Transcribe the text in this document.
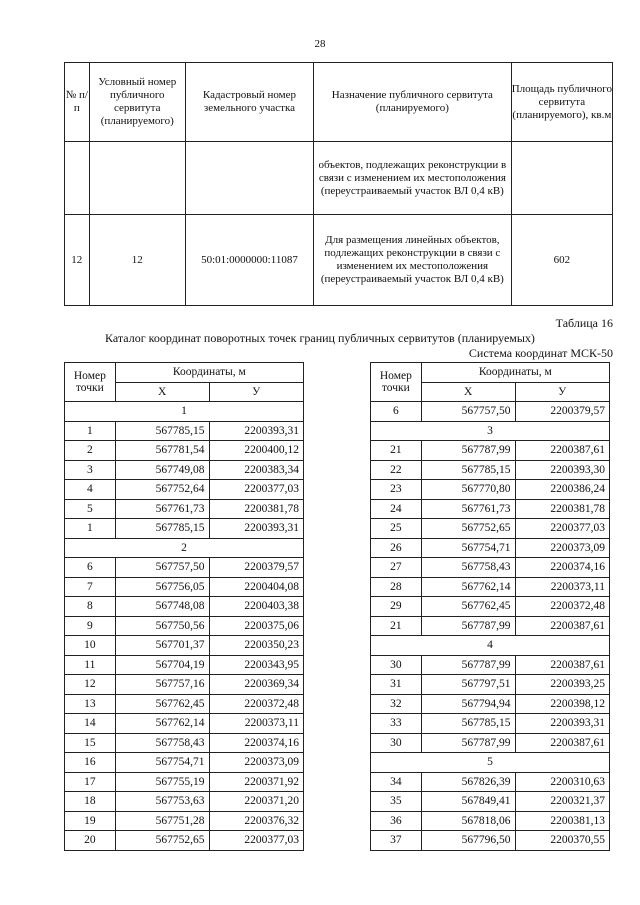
28
№ п/п	Условный номер публичного сервитута (планируемого)	Кадастровый номер земельного участка	Назначение публичного сервитута (планируемого)	Площадь публичного сервитута (планируемого), кв.м
			объектов, подлежащих реконструкции в связи с изменением их местоположения (переустраиваемый участок ВЛ 0,4 кВ)	
12	12	50:01:0000000:11087	Для размещения линейных объектов, подлежащих реконструкции в связи с изменением их местоположения (переустраиваемый участок ВЛ 0,4 кВ)	602
Таблица 16
Каталог координат поворотных точек границ публичных сервитутов (планируемых)
Система координат МСК-50
Номер точки	Координаты, м	
	X	У
1		
1	567785,15	2200393,31
2	567781,54	2200400,12
3	567749,08	2200383,34
4	567752,64	2200377,03
5	567761,73	2200381,78
1	567785,15	2200393,31
2		
6	567757,50	2200379,57
7	567756,05	2200404,08
8	567748,08	2200403,38
9	567750,56	2200375,06
10	567701,37	2200350,23
11	567704,19	2200343,95
12	567757,16	2200369,34
13	567762,45	2200372,48
14	567762,14	2200373,11
15	567758,43	2200374,16
16	567754,71	2200373,09
17	567755,19	2200371,92
18	567753,63	2200371,20
19	567751,28	2200376,32
20	567752,65	2200377,03
Номер точки	Координаты, м	
	X	У
6	567757,50	2200379,57
3		
21	567787,99	2200387,61
22	567785,15	2200393,30
23	567770,80	2200386,24
24	567761,73	2200381,78
25	567752,65	2200377,03
26	567754,71	2200373,09
27	567758,43	2200374,16
28	567762,14	2200373,11
29	567762,45	2200372,48
21	567787,99	2200387,61
4		
30	567787,99	2200387,61
31	567797,51	2200393,25
32	567794,94	2200398,12
33	567785,15	2200393,31
30	567787,99	2200387,61
5		
34	567826,39	2200310,63
35	567849,41	2200321,37
36	567818,06	2200381,13
37	567796,50	2200370,55
